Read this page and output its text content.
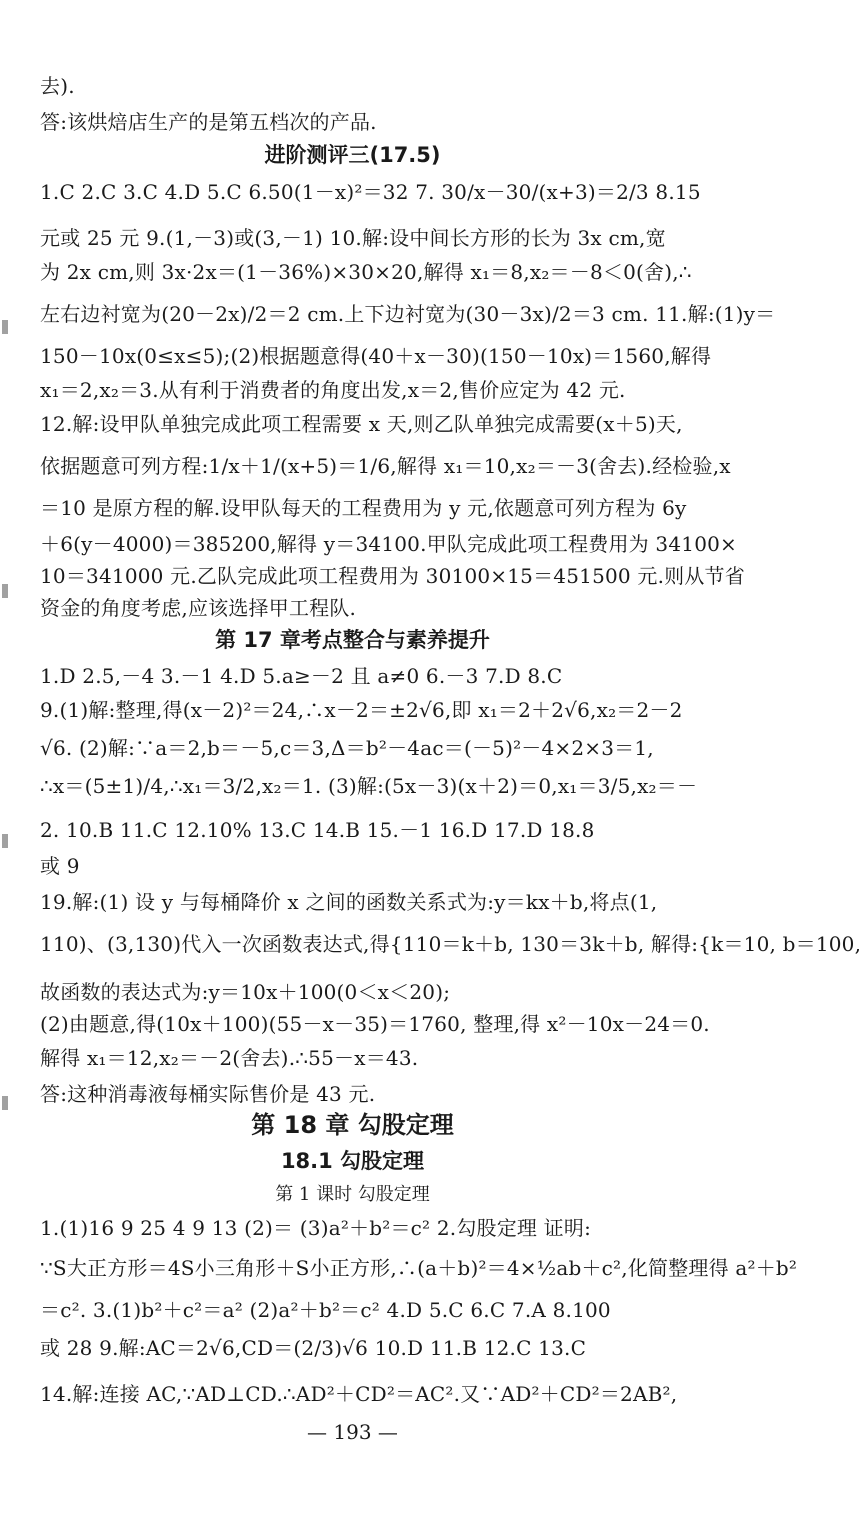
去).
答:该烘焙店生产的是第五档次的产品.
进阶测评三(17.5)
1.C 2.C 3.C 4.D 5.C 6.50(1－x)²＝32 7. 30/x－30/(x+3)＝2/3 8.15
元或 25 元 9.(1,－3)或(3,－1) 10.解:设中间长方形的长为 3x cm,宽
为 2x cm,则 3x·2x＝(1－36%)×30×20,解得 x₁＝8,x₂＝－8＜0(舍),∴
左右边衬宽为(20－2x)/2＝2 cm.上下边衬宽为(30－3x)/2＝3 cm. 11.解:(1)y＝
150－10x(0≤x≤5);(2)根据题意得(40＋x－30)(150－10x)＝1560,解得
x₁＝2,x₂＝3.从有利于消费者的角度出发,x＝2,售价应定为 42 元.
12.解:设甲队单独完成此项工程需要 x 天,则乙队单独完成需要(x＋5)天,
依据题意可列方程:1/x＋1/(x+5)＝1/6,解得 x₁＝10,x₂＝－3(舍去).经检验,x
＝10 是原方程的解.设甲队每天的工程费用为 y 元,依题意可列方程为 6y
＋6(y－4000)＝385200,解得 y＝34100.甲队完成此项工程费用为 34100×
10＝341000 元.乙队完成此项工程费用为 30100×15＝451500 元.则从节省
资金的角度考虑,应该选择甲工程队.
第 17 章考点整合与素养提升
1.D 2.5,－4 3.－1 4.D 5.a≥－2 且 a≠0 6.－3 7.D 8.C
9.(1)解:整理,得(x－2)²＝24,∴x－2＝±2√6,即 x₁＝2＋2√6,x₂＝2－2
√6. (2)解:∵a＝2,b＝－5,c＝3,Δ＝b²－4ac＝(－5)²－4×2×3＝1,
∴x＝(5±1)/4,∴x₁＝3/2,x₂＝1. (3)解:(5x－3)(x＋2)＝0,x₁＝3/5,x₂＝－
2. 10.B 11.C 12.10% 13.C 14.B 15.－1 16.D 17.D 18.8
或 9
19.解:(1) 设 y 与每桶降价 x 之间的函数关系式为:y＝kx＋b,将点(1,
110)、(3,130)代入一次函数表达式,得{110＝k＋b, 130＝3k＋b, 解得:{k＝10, b＝100,
故函数的表达式为:y＝10x＋100(0＜x＜20);
(2)由题意,得(10x＋100)(55－x－35)＝1760, 整理,得 x²－10x－24＝0.
解得 x₁＝12,x₂＝－2(舍去).∴55－x＝43.
答:这种消毒液每桶实际售价是 43 元.
第 18 章 勾股定理
18.1 勾股定理
第 1 课时 勾股定理
1.(1)16 9 25 4 9 13 (2)＝ (3)a²＋b²＝c² 2.勾股定理 证明:
∵S大正方形＝4S小三角形＋S小正方形,∴(a＋b)²＝4×½ab＋c²,化简整理得 a²＋b²
＝c². 3.(1)b²＋c²＝a² (2)a²＋b²＝c² 4.D 5.C 6.C 7.A 8.100
或 28 9.解:AC＝2√6,CD＝(2/3)√6 10.D 11.B 12.C 13.C
14.解:连接 AC,∵AD⊥CD.∴AD²＋CD²＝AC².又∵AD²＋CD²＝2AB²,
— 193 —
